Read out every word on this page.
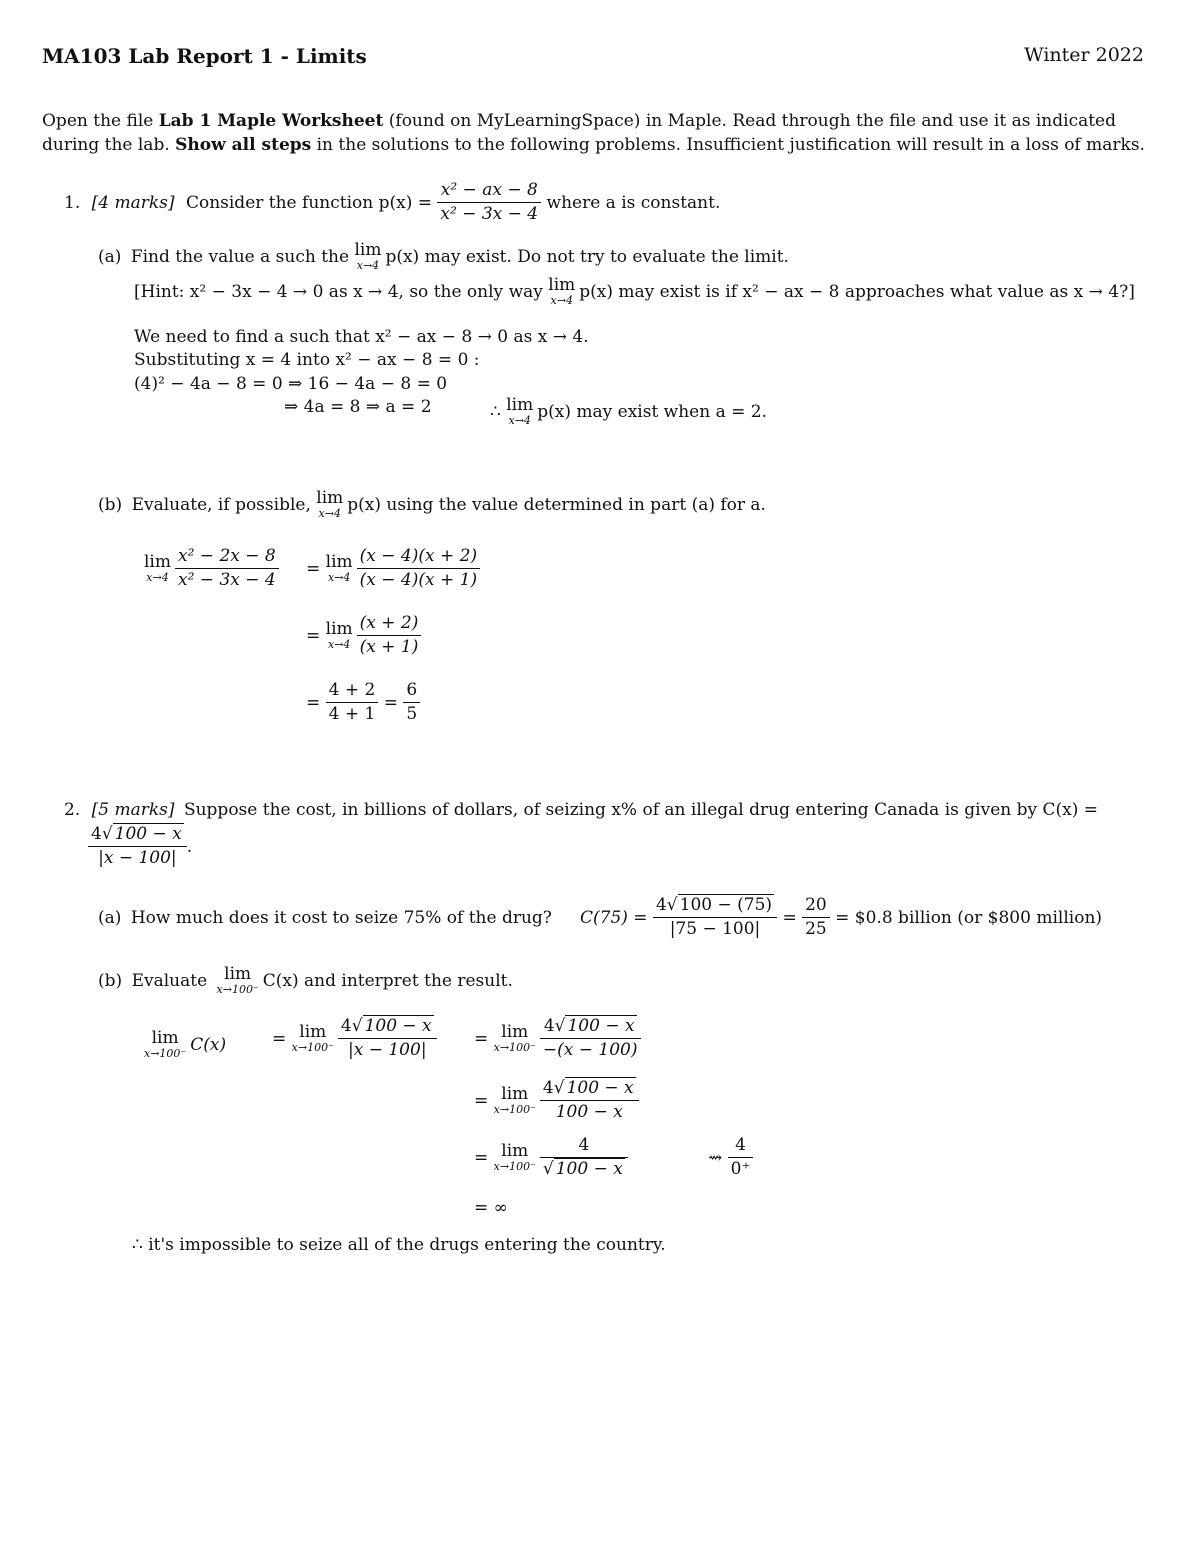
MA103 Lab Report 1 - Limits	Winter 2022
Open the file Lab 1 Maple Worksheet (found on MyLearningSpace) in Maple. Read through the file and use it as indicated
during the lab. Show all steps in the solutions to the following problems. Insufficient justification will result in a loss of marks.
1. [4 marks] Consider the function $p(x) = \frac{\text{x² − ax − 8}}{\text{x² − 3x − 4}}$ where a is constant.
(a) Find the value a such the lim
x→4 p(x) may exist. Do not try to evaluate the limit.
[Hint: x² − 3x − 4 → 0 as x → 4, so the only way lim
x→4 p(x) may exist is if x² − ax − 8 approaches what value as x → 4?]
We need to find a such that x² − ax − 8 → 0 as x → 4.
Substituting x = 4 into x² − ax − 8 = 0 :
(4)² − 4a − 8 = 0 ⇒ 16 − 4a − 8 = 0
⇒ 4a = 8 ⇒ a = 2	∴ lim
x→4 p(x) may exist when a = 2.
(b) Evaluate, if possible, lim
x→4 p(x) using the value determined in part (a) for a.
lim
$x\to 4 \frac{\text{x² − 2x − 8}}{\text{x² − 3x − 4}} = \lim$
$x\to 4 \frac{(x - 4)(x + 2)}{(x - 4)(x + 1)}$
= lim
$x\to 4 \frac{(x + 2)}{(x + 1)}$
= $\frac{4 + 2}{4 + 1} = \frac{6}{5}$
2. [5 marks] Suppose the cost, in billions of dollars, of seizing x% of an illegal drug entering Canada is given by C(x) =
$\frac{4√ 100 - x}{|x - 100|}$ .
(a) How much does it cost to seize 75% of the drug? $C(75) = \frac{4√ 100 - (75)}{|75 - 100|} = \frac{20}{25}$ = $0.8 billion (or $800 million)
(b) Evaluate	lim
x→100⁻ C(x) and interpret the result.
lim
x→100⁻ C(x)	= lim
$x\to 100^- \frac{4√ 100 - x}{|x - 100|} = \lim$
$x\to 100^- \frac{4√ 100 - x}{-(x - 100)}$
= lim
$x\to 100^- \frac{4√ 100 - x}{100 - x}$
= lim
$x\to 100^- \frac{4}{√ 100 - x}$	⇝ $\frac{4}{0^+}$
= ∞
∴ it's impossible to seize all of the drugs entering the country.
